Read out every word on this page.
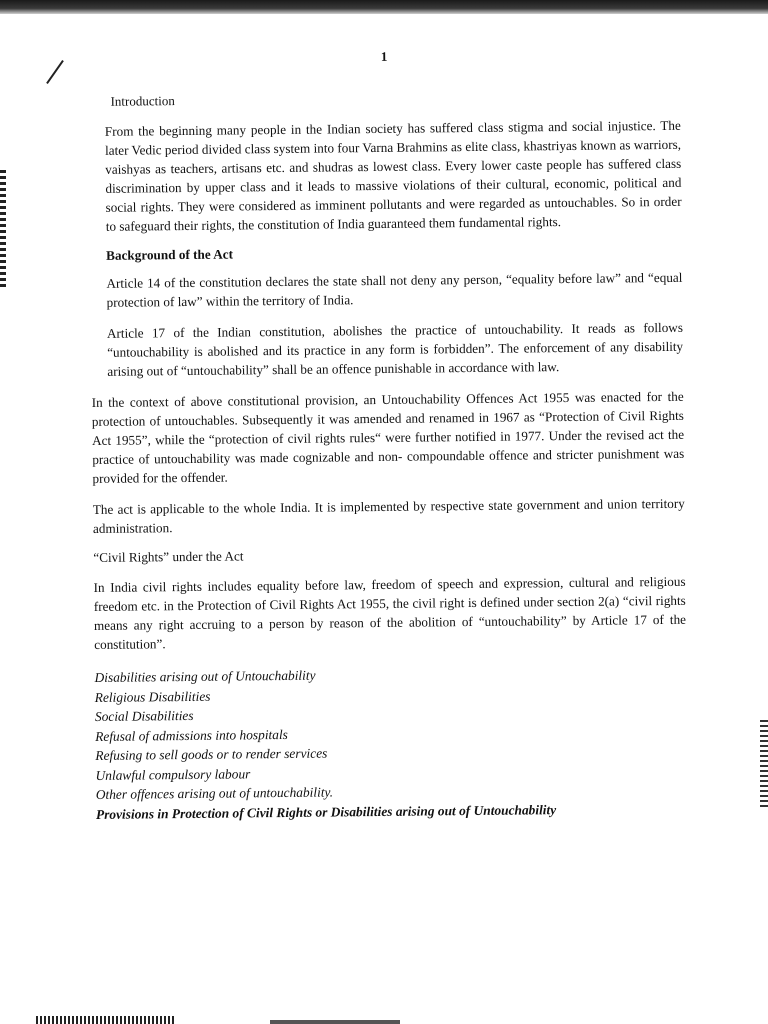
1
Introduction

From the beginning many people in the Indian society has suffered class stigma and social injustice. The later Vedic period divided class system into four Varna Brahmins as elite class, khastriyas known as warriors, vaishyas as teachers, artisans etc. and shudras as lowest class. Every lower caste people has suffered class discrimination by upper class and it leads to massive violations of their cultural, economic, political and social rights. They were considered as imminent pollutants and were regarded as untouchables. So in order to safeguard their rights, the constitution of India guaranteed them fundamental rights.

Background of the Act

Article 14 of the constitution declares the state shall not deny any person, “equality before law” and “equal protection of law” within the territory of India.

Article 17 of the Indian constitution, abolishes the practice of untouchability. It reads as follows “untouchability is abolished and its practice in any form is forbidden”. The enforcement of any disability arising out of “untouchability” shall be an offence punishable in accordance with law.

In the context of above constitutional provision, an Untouchability Offences Act 1955 was enacted for the protection of untouchables. Subsequently it was amended and renamed in 1967 as “Protection of Civil Rights Act 1955”, while the “protection of civil rights rules“ were further notified in 1977. Under the revised act the practice of untouchability was made cognizable and non- compoundable offence and stricter punishment was provided for the offender.

The act is applicable to the whole India. It is implemented by respective state government and union territory administration.

“Civil Rights” under the Act

In India civil rights includes equality before law, freedom of speech and expression, cultural and religious freedom etc. in the Protection of Civil Rights Act 1955, the civil right is defined under section 2(a) “civil rights means any right accruing to a person by reason of the abolition of “untouchability” by Article 17 of the constitution”.

Disabilities arising out of Untouchability
Religious Disabilities
Social Disabilities
Refusal of admissions into hospitals
Refusing to sell goods or to render services
Unlawful compulsory labour
Other offences arising out of untouchability.
Provisions in Protection of Civil Rights or Disabilities arising out of Untouchability
